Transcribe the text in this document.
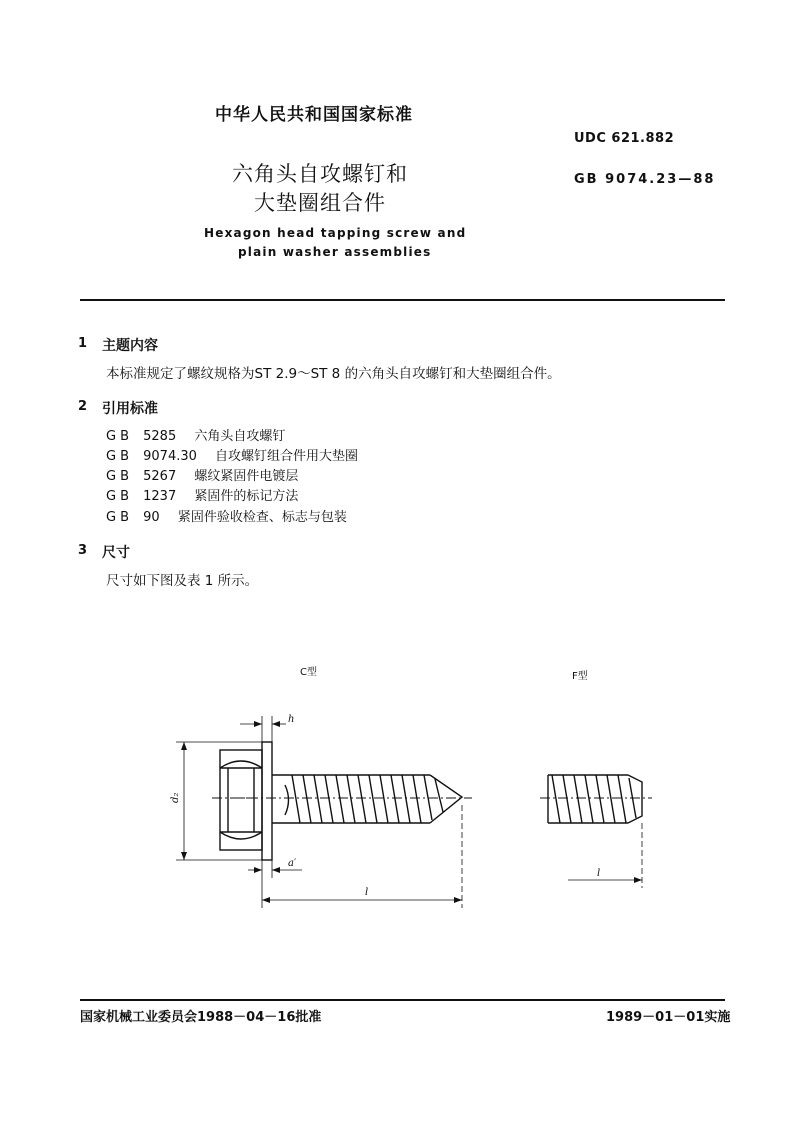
中华人民共和国国家标准
UDC 621.882
GB 9074.23—88
六角头自攻螺钉和
大垫圈组合件
Hexagon head tapping screw and
plain washer assemblies
1 主题内容
本标准规定了螺纹规格为ST 2.9～ST 8 的六角头自攻螺钉和大垫圈组合件。
2 引用标准
GB 5285 六角头自攻螺钉
GB 9074.30 自攻螺钉组合件用大垫圈
GB 5267 螺纹紧固件电镀层
GB 1237 紧固件的标记方法
GB 90 紧固件验收检查、标志与包装
3 尺寸
尺寸如下图及表 1 所示。
C型	F型
h
d₂
a′
l
l
国家机械工业委员会1988－04－16批准	1989－01－01实施
